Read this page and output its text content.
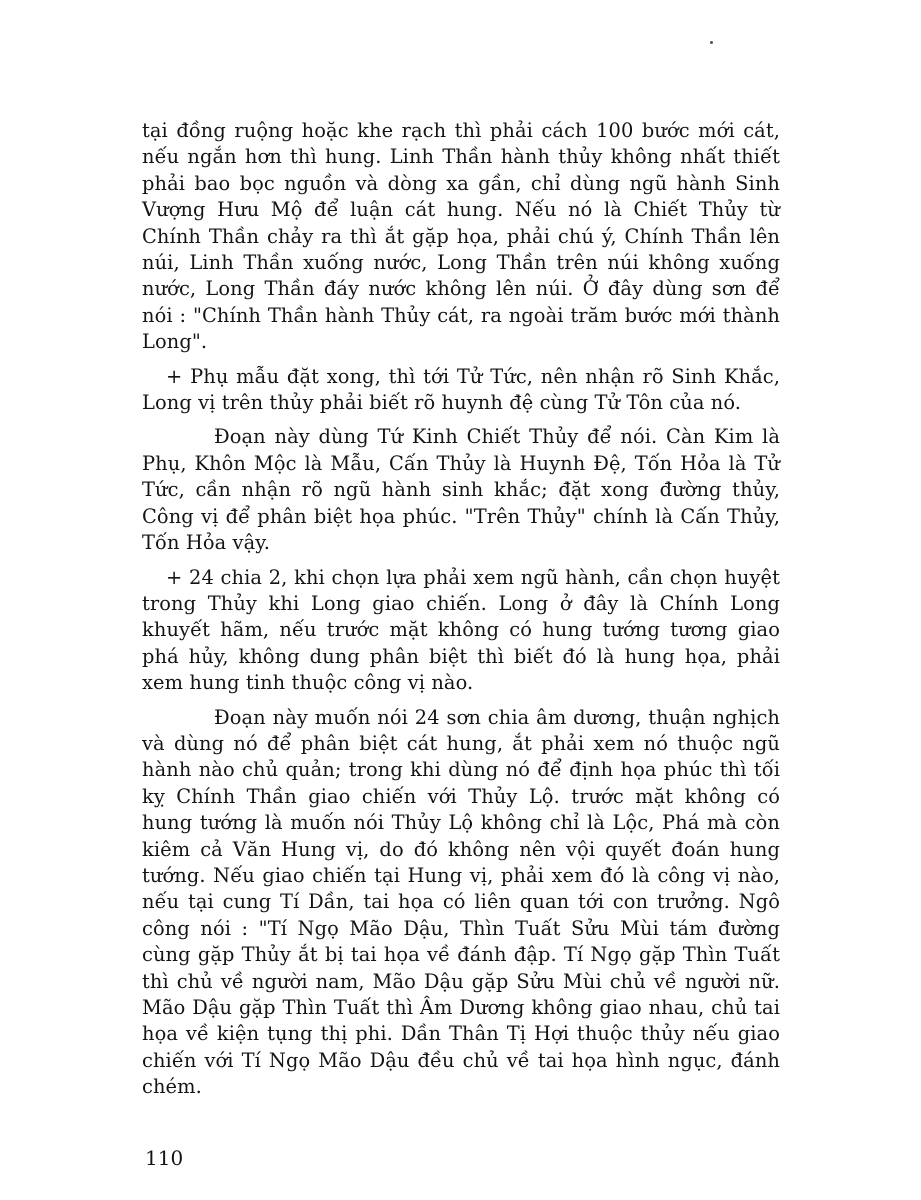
tại đồng ruộng hoặc khe rạch thì phải cách 100 bước mới cát, nếu ngắn hơn thì hung. Linh Thần hành thủy không nhất thiết phải bao bọc nguồn và dòng xa gần, chỉ dùng ngũ hành Sinh Vượng Hưu Mộ để luận cát hung. Nếu nó là Chiết Thủy từ Chính Thần chảy ra thì ắt gặp họa, phải chú ý, Chính Thần lên núi, Linh Thần xuống nước, Long Thần trên núi không xuống nước, Long Thần đáy nước không lên núi. Ở đây dùng sơn để nói : "Chính Thần hành Thủy cát, ra ngoài trăm bước mới thành Long".

+ Phụ mẫu đặt xong, thì tới Tử Tức, nên nhận rõ Sinh Khắc, Long vị trên thủy phải biết rõ huynh đệ cùng Tử Tôn của nó.

Đoạn này dùng Tứ Kinh Chiết Thủy để nói. Càn Kim là Phụ, Khôn Mộc là Mẫu, Cấn Thủy là Huynh Đệ, Tốn Hỏa là Tử Tức, cần nhận rõ ngũ hành sinh khắc; đặt xong đường thủy, Công vị để phân biệt họa phúc. "Trên Thủy" chính là Cấn Thủy, Tốn Hỏa vậy.

+ 24 chia 2, khi chọn lựa phải xem ngũ hành, cần chọn huyệt trong Thủy khi Long giao chiến. Long ở đây là Chính Long khuyết hãm, nếu trước mặt không có hung tướng tương giao phá hủy, không dung phân biệt thì biết đó là hung họa, phải xem hung tinh thuộc công vị nào.

Đoạn này muốn nói 24 sơn chia âm dương, thuận nghịch và dùng nó để phân biệt cát hung, ắt phải xem nó thuộc ngũ hành nào chủ quản; trong khi dùng nó để định họa phúc thì tối kỵ Chính Thần giao chiến với Thủy Lộ. trước mặt không có hung tướng là muốn nói Thủy Lộ không chỉ là Lộc, Phá mà còn kiêm cả Văn Hung vị, do đó không nên vội quyết đoán hung tướng. Nếu giao chiến tại Hung vị, phải xem đó là công vị nào, nếu tại cung Tí Dần, tai họa có liên quan tới con trưởng. Ngô công nói : "Tí Ngọ Mão Dậu, Thìn Tuất Sửu Mùi tám đường cùng gặp Thủy ắt bị tai họa về đánh đập. Tí Ngọ gặp Thìn Tuất thì chủ về người nam, Mão Dậu gặp Sửu Mùi chủ về người nữ. Mão Dậu gặp Thìn Tuất thì Âm Dương không giao nhau, chủ tai họa về kiện tụng thị phi. Dần Thân Tị Hợi thuộc thủy nếu giao chiến với Tí Ngọ Mão Dậu đều chủ về tai họa hình ngục, đánh chém.

110
